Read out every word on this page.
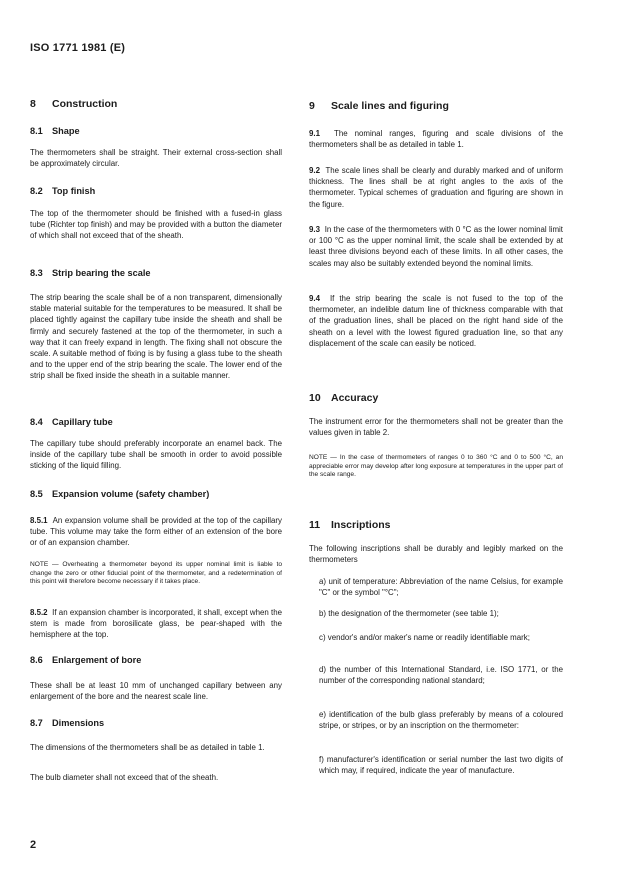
ISO 1771 1981 (E)
8 Construction
8.1 Shape

The thermometers shall be straight. Their external cross-section shall be approximately circular.

8.2 Top finish

The top of the thermometer should be finished with a fused-in glass tube (Richter top finish) and may be provided with a button the diameter of which shall not exceed that of the sheath.

8.3 Strip bearing the scale

The strip bearing the scale shall be of a non transparent, dimensionally stable material suitable for the temperatures to be measured. It shall be placed tightly against the capillary tube inside the sheath and shall be firmly and securely fastened at the top of the thermometer, in such a way that it can freely expand in length. The fixing shall not obscure the scale. A suitable method of fixing is by fusing a glass tube to the sheath and to the upper end of the strip bearing the scale. The lower end of the strip shall be fixed inside the sheath in a suitable manner.

8.4 Capillary tube

The capillary tube should preferably incorporate an enamel back. The inside of the capillary tube shall be smooth in order to avoid possible sticking of the liquid filling.

8.5 Expansion volume (safety chamber)

8.5.1 An expansion volume shall be provided at the top of the capillary tube. This volume may take the form either of an extension of the bore or of an expansion chamber.

NOTE — Overheating a thermometer beyond its upper nominal limit is liable to change the zero or other fiducial point of the thermometer, and a redetermination of this point will therefore become necessary if it takes place.

8.5.2 If an expansion chamber is incorporated, it shall, except when the stem is made from borosilicate glass, be pear-shaped with the hemisphere at the top.

8.6 Enlargement of bore

These shall be at least 10 mm of unchanged capillary between any enlargement of the bore and the nearest scale line.

8.7 Dimensions

The dimensions of the thermometers shall be as detailed in table 1.

The bulb diameter shall not exceed that of the sheath.

9 Scale lines and figuring

9.1 The nominal ranges, figuring and scale divisions of the thermometers shall be as detailed in table 1.

9.2 The scale lines shall be clearly and durably marked and of uniform thickness. The lines shall be at right angles to the axis of the thermometer. Typical schemes of graduation and figuring are shown in the figure.

9.3 In the case of the thermometers with 0 °C as the lower nominal limit or 100 °C as the upper nominal limit, the scale shall be extended by at least three divisions beyond each of these limits. In all other cases, the scales may also be suitably extended beyond the nominal limits.

9.4 If the strip bearing the scale is not fused to the top of the thermometer, an indelible datum line of thickness comparable with that of the graduation lines, shall be placed on the right hand side of the sheath on a level with the lowest figured graduation line, so that any displacement of the scale can easily be noticed.

10 Accuracy

The instrument error for the thermometers shall not be greater than the values given in table 2.

NOTE — In the case of thermometers of ranges 0 to 360 °C and 0 to 500 °C, an appreciable error may develop after long exposure at temperatures in the upper part of the scale range.

11 Inscriptions

The following inscriptions shall be durably and legibly marked on the thermometers

a) unit of temperature: Abbreviation of the name Celsius, for example "C" or the symbol "°C";

b) the designation of the thermometer (see table 1);

c) vendor's and/or maker's name or readily identifiable mark;

d) the number of this International Standard, i.e. ISO 1771, or the number of the corresponding national standard;

e) identification of the bulb glass preferably by means of a coloured stripe, or stripes, or by an inscription on the thermometer:

f) manufacturer's identification or serial number the last two digits of which may, if required, indicate the year of manufacture.

2
